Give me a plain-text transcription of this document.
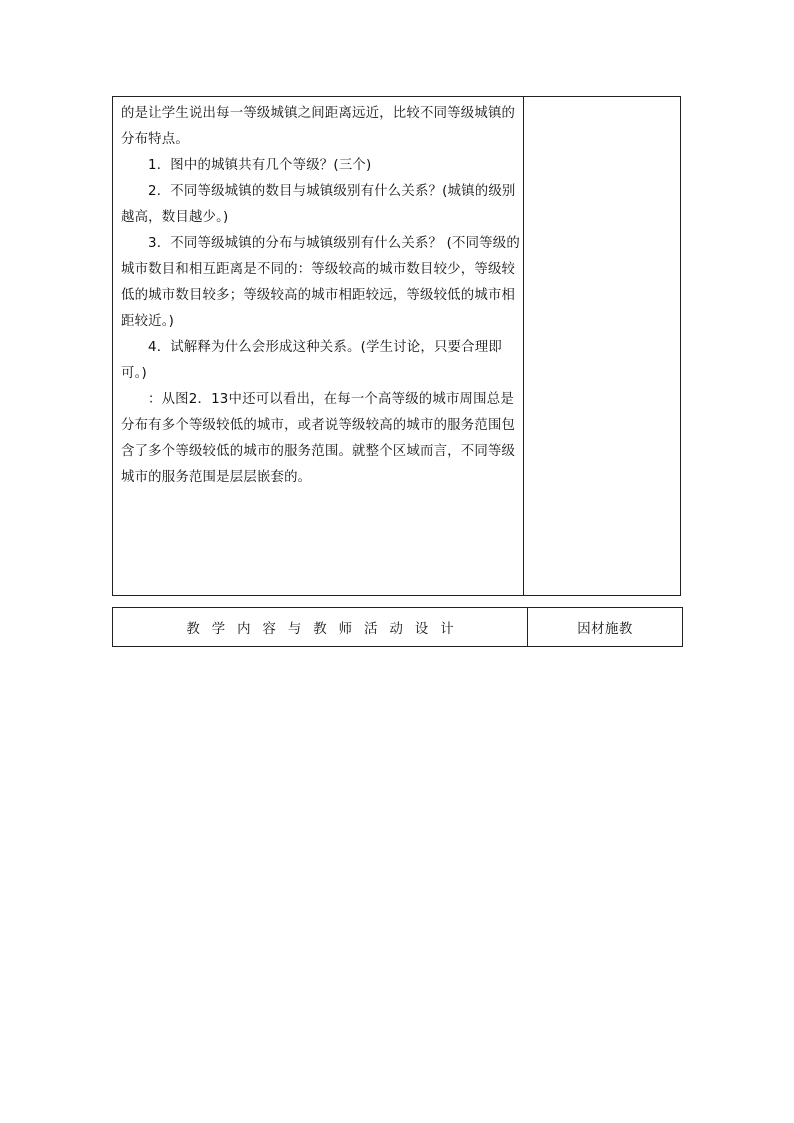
的是让学生说出每一等级城镇之间距离远近，比较不同等级城镇的分布特点。

1．图中的城镇共有几个等级？(三个)

2．不同等级城镇的数目与城镇级别有什么关系？(城镇的级别越高，数目越少。)

3．不同等级城镇的分布与城镇级别有什么关系？ (不同等级的城市数目和相互距离是不同的：等级较高的城市数目较少，等级较低的城市数目较多；等级较高的城市相距较远，等级较低的城市相距较近。)

4．试解释为什么会形成这种关系。(学生讨论，只要合理即可。)

：从图2．13中还可以看出，在每一个高等级的城市周围总是分布有多个等级较低的城市，或者说等级较高的城市的服务范围包含了多个等级较低的城市的服务范围。就整个区域而言，不同等级城市的服务范围是层层嵌套的。

教学内容与教师活动设计	因材施教
